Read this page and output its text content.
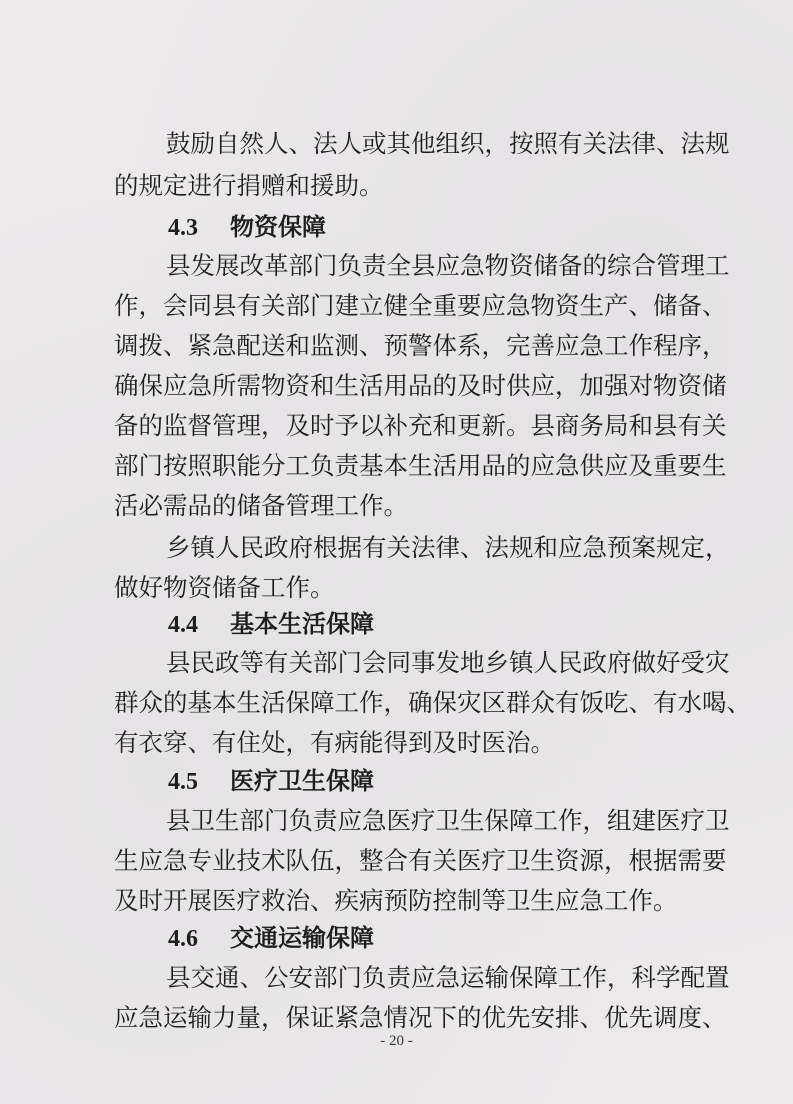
鼓励自然人、法人或其他组织，按照有关法律、法规
的规定进行捐赠和援助。
4.3 物资保障
县发展改革部门负责全县应急物资储备的综合管理工
作，会同县有关部门建立健全重要应急物资生产、储备、
调拨、紧急配送和监测、预警体系，完善应急工作程序，
确保应急所需物资和生活用品的及时供应，加强对物资储
备的监督管理，及时予以补充和更新。县商务局和县有关
部门按照职能分工负责基本生活用品的应急供应及重要生
活必需品的储备管理工作。
乡镇人民政府根据有关法律、法规和应急预案规定，
做好物资储备工作。
4.4 基本生活保障
县民政等有关部门会同事发地乡镇人民政府做好受灾
群众的基本生活保障工作，确保灾区群众有饭吃、有水喝、
有衣穿、有住处，有病能得到及时医治。
4.5 医疗卫生保障
县卫生部门负责应急医疗卫生保障工作，组建医疗卫
生应急专业技术队伍，整合有关医疗卫生资源，根据需要
及时开展医疗救治、疾病预防控制等卫生应急工作。
4.6 交通运输保障
县交通、公安部门负责应急运输保障工作，科学配置
应急运输力量，保证紧急情况下的优先安排、优先调度、
- 20 -
